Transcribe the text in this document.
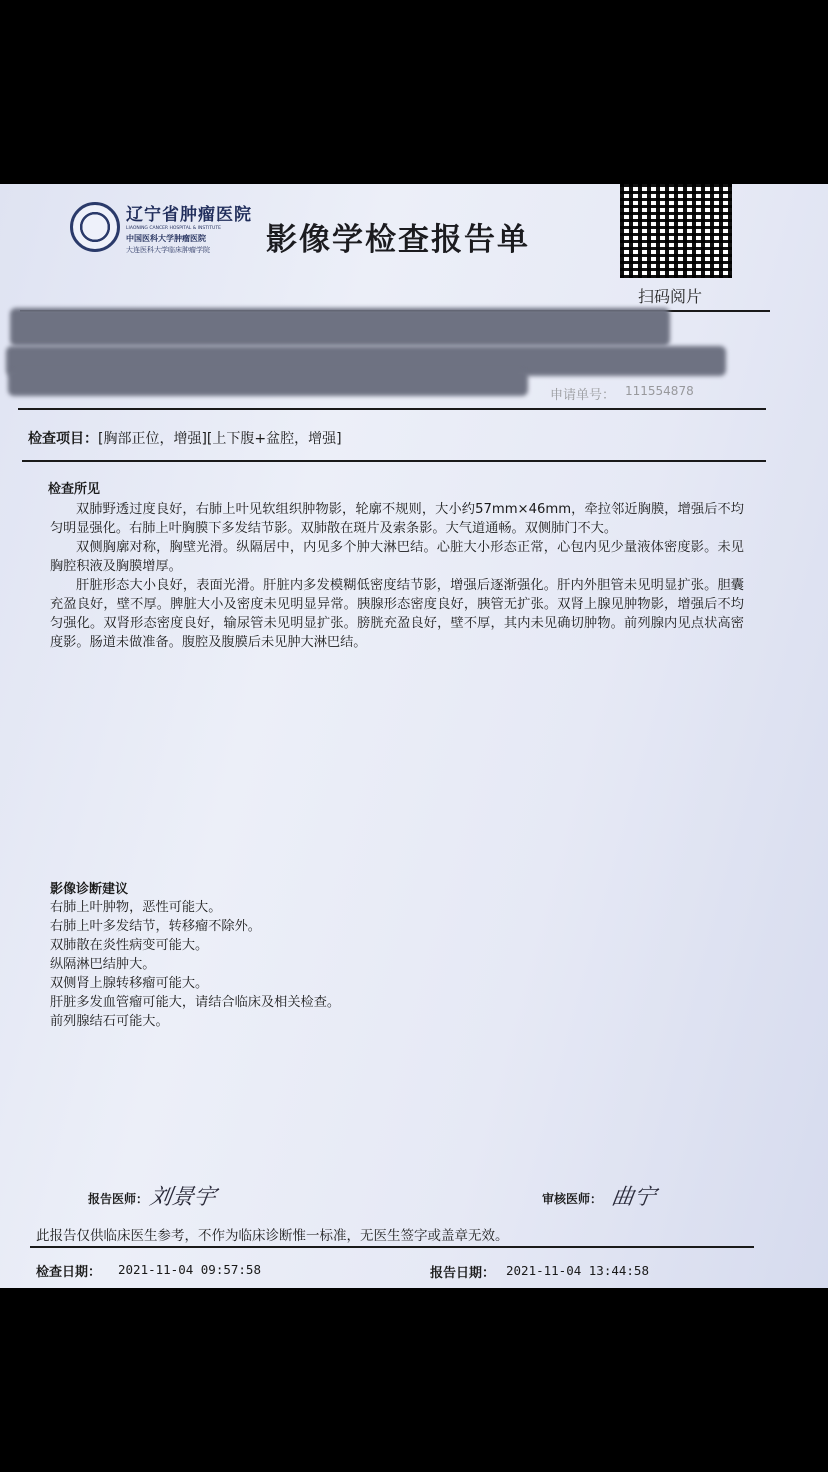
辽宁省肿瘤医院
LIAONING CANCER HOSPITAL & INSTITUTE
中国医科大学肿瘤医院
大连医科大学临床肿瘤学院	影像学检查报告单
扫码阅片
申请单号： 111554878
检查项目：[胸部正位，增强][上下腹+盆腔，增强]
检查所见

双肺野透过度良好，右肺上叶见软组织肿物影，轮廓不规则，大小约57mm×46mm，牵拉邻近胸膜，增强后不均匀明显强化。右肺上叶胸膜下多发结节影。双肺散在斑片及索条影。大气道通畅。双侧肺门不大。

双侧胸廓对称，胸壁光滑。纵隔居中，内见多个肿大淋巴结。心脏大小形态正常，心包内见少量液体密度影。未见胸腔积液及胸膜增厚。

肝脏形态大小良好，表面光滑。肝脏内多发模糊低密度结节影，增强后逐渐强化。肝内外胆管未见明显扩张。胆囊充盈良好，壁不厚。脾脏大小及密度未见明显异常。胰腺形态密度良好，胰管无扩张。双肾上腺见肿物影，增强后不均匀强化。双肾形态密度良好，输尿管未见明显扩张。膀胱充盈良好，壁不厚，其内未见确切肿物。前列腺内见点状高密度影。肠道未做准备。腹腔及腹膜后未见肿大淋巴结。

影像诊断建议
右肺上叶肿物，恶性可能大。
右肺上叶多发结节，转移瘤不除外。
双肺散在炎性病变可能大。
纵隔淋巴结肿大。
双侧肾上腺转移瘤可能大。
肝脏多发血管瘤可能大，请结合临床及相关检查。
前列腺结石可能大。
报告医师： 刘景宇	审核医师： 曲宁
此报告仅供临床医生参考，不作为临床诊断惟一标准，无医生签字或盖章无效。
检查日期： 2021-11-04 09:57:58	报告日期： 2021-11-04 13:44:58
